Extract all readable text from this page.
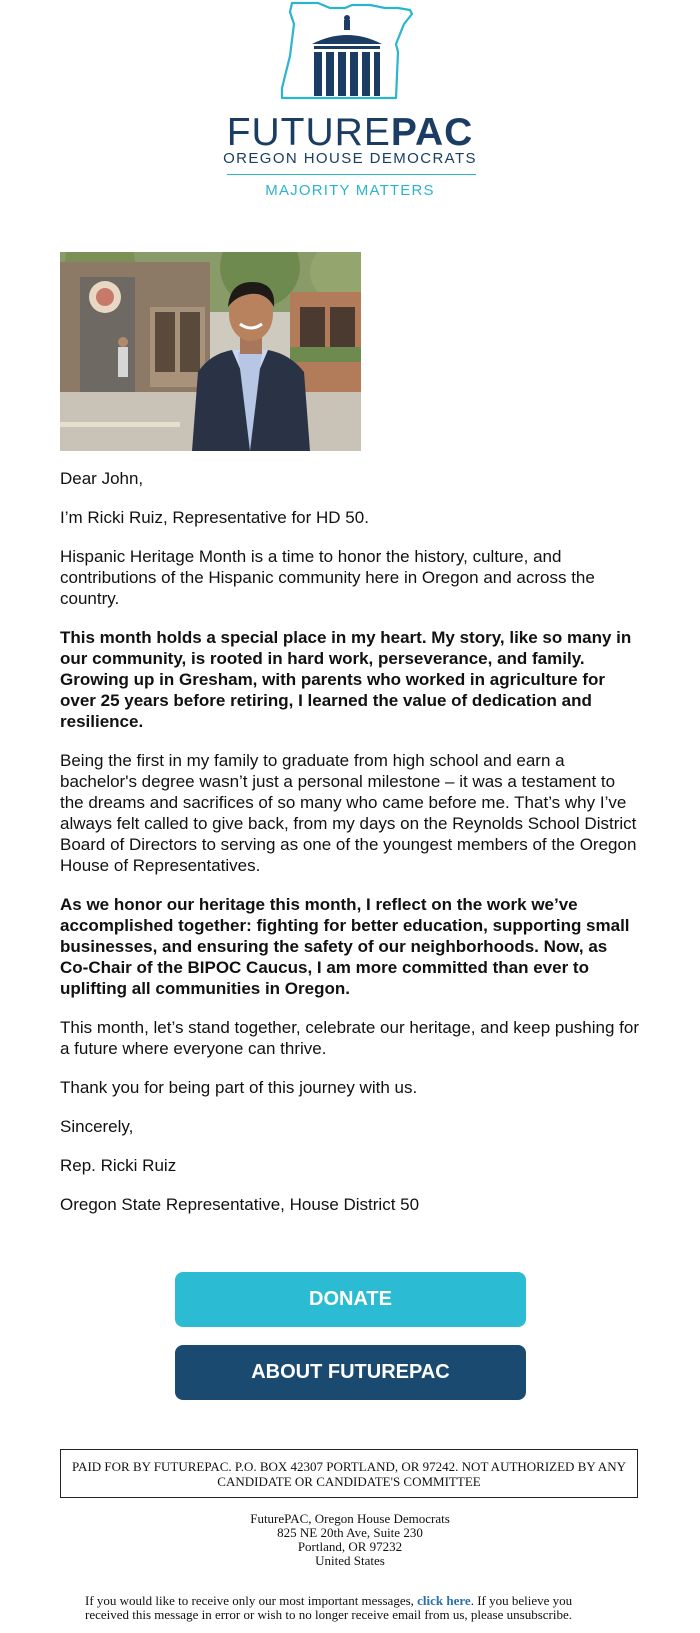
FUTUREPAC
OREGON HOUSE DEMOCRATS
MAJORITY MATTERS

Dear John,

I’m Ricki Ruiz, Representative for HD 50.

Hispanic Heritage Month is a time to honor the history, culture, and contributions of the Hispanic community here in Oregon and across the country.

This month holds a special place in my heart. My story, like so many in our community, is rooted in hard work, perseverance, and family. Growing up in Gresham, with parents who worked in agriculture for over 25 years before retiring, I learned the value of dedication and resilience.

Being the first in my family to graduate from high school and earn a bachelor's degree wasn’t just a personal milestone – it was a testament to the dreams and sacrifices of so many who came before me. That’s why I’ve always felt called to give back, from my days on the Reynolds School District Board of Directors to serving as one of the youngest members of the Oregon House of Representatives.

As we honor our heritage this month, I reflect on the work we’ve accomplished together: fighting for better education, supporting small businesses, and ensuring the safety of our neighborhoods. Now, as Co-Chair of the BIPOC Caucus, I am more committed than ever to uplifting all communities in Oregon.

This month, let’s stand together, celebrate our heritage, and keep pushing for a future where everyone can thrive.

Thank you for being part of this journey with us.

Sincerely,

Rep. Ricki Ruiz

Oregon State Representative, House District 50

DONATE
ABOUT FUTUREPAC
PAID FOR BY FUTUREPAC. P.O. BOX 42307 PORTLAND, OR 97242. NOT AUTHORIZED BY ANY CANDIDATE OR CANDIDATE'S COMMITTEE
FuturePAC, Oregon House Democrats
825 NE 20th Ave, Suite 230
Portland, OR 97232
United States
If you would like to receive only our most important messages, click here. If you believe you received this message in error or wish to no longer receive email from us, please unsubscribe.
